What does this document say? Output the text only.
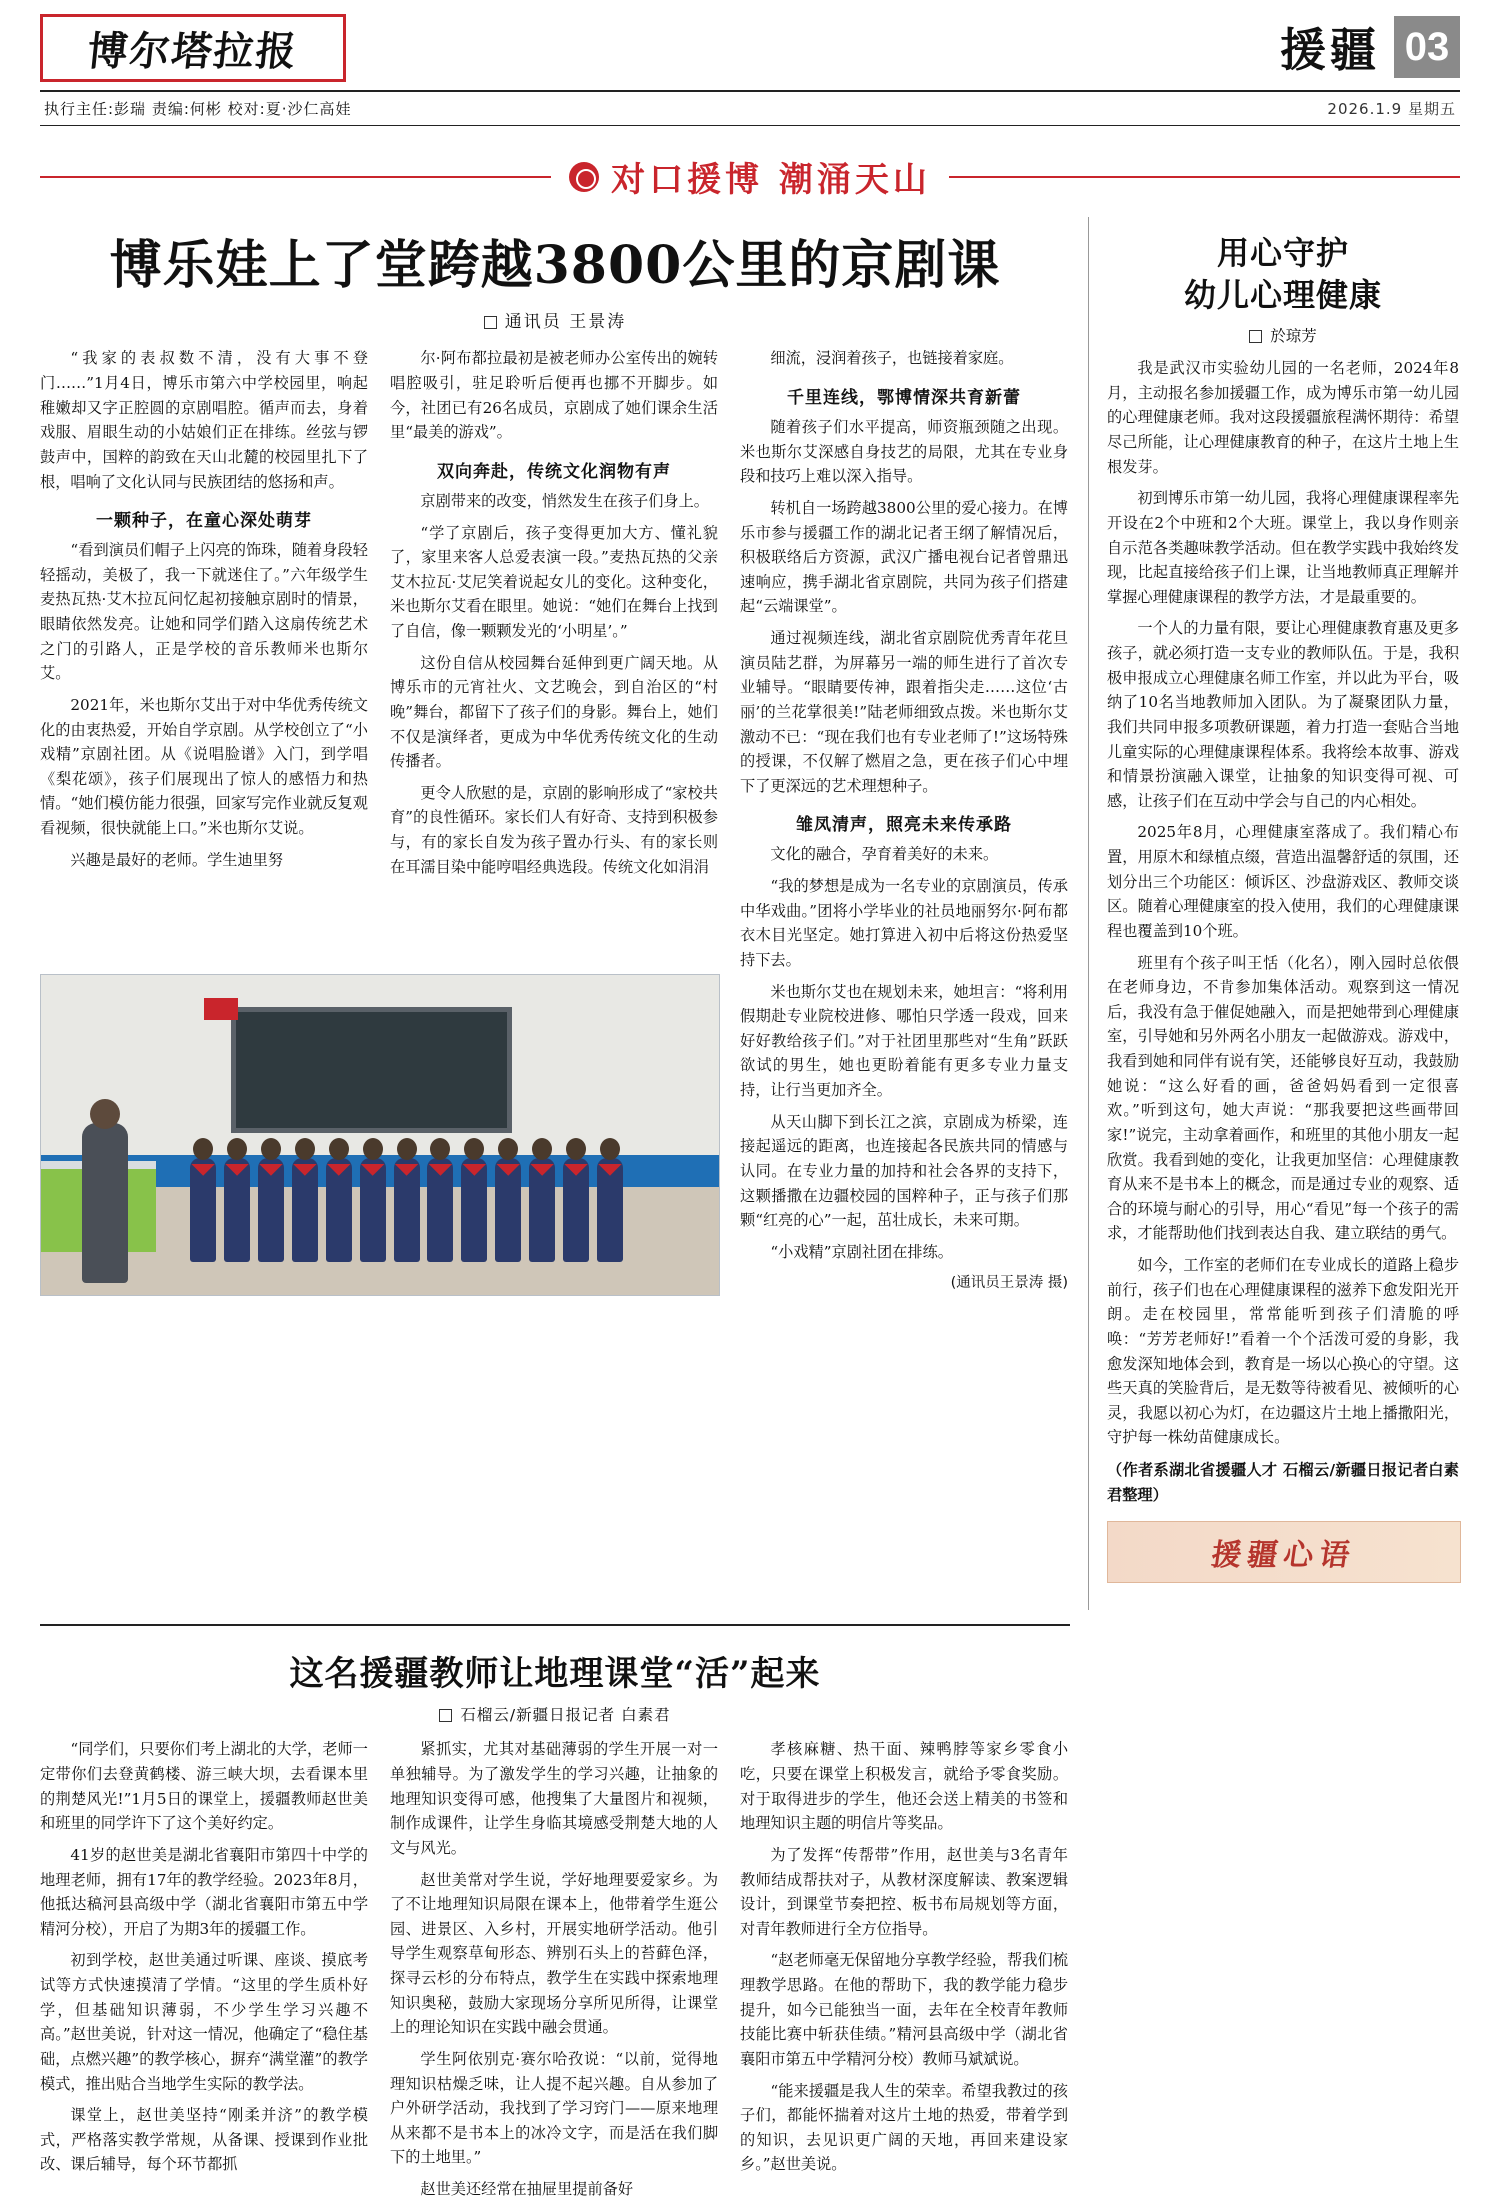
博尔塔拉报	援疆 03
执行主任:彭瑞 责编:何彬 校对:夏·沙仁高娃	2026.1.9 星期五
对口援博 潮涌天山
博乐娃上了堂跨越3800公里的京剧课
通讯员 王景涛

“我家的表叔数不清，没有大事不登门……”1月4日，博乐市第六中学校园里，响起稚嫩却又字正腔圆的京剧唱腔。循声而去，身着戏服、眉眼生动的小姑娘们正在排练。丝弦与锣鼓声中，国粹的韵致在天山北麓的校园里扎下了根，唱响了文化认同与民族团结的悠扬和声。

一颗种子，在童心深处萌芽

“看到演员们帽子上闪亮的饰珠，随着身段轻轻摇动，美极了，我一下就迷住了。”六年级学生麦热瓦热·艾木拉瓦问忆起初接触京剧时的情景，眼睛依然发亮。让她和同学们踏入这扇传统艺术之门的引路人，正是学校的音乐教师米也斯尔艾。

2021年，米也斯尔艾出于对中华优秀传统文化的由衷热爱，开始自学京剧。从学校创立了“小戏精”京剧社团。从《说唱脸谱》入门，到学唱《梨花颂》，孩子们展现出了惊人的感悟力和热情。“她们模仿能力很强，回家写完作业就反复观看视频，很快就能上口。”米也斯尔艾说。

兴趣是最好的老师。学生迪里努

尔·阿布都拉最初是被老师办公室传出的婉转唱腔吸引，驻足聆听后便再也挪不开脚步。如今，社团已有26名成员，京剧成了她们课余生活里“最美的游戏”。

双向奔赴，传统文化润物有声

京剧带来的改变，悄然发生在孩子们身上。

“学了京剧后，孩子变得更加大方、懂礼貌了，家里来客人总爱表演一段。”麦热瓦热的父亲艾木拉瓦·艾尼笑着说起女儿的变化。这种变化，米也斯尔艾看在眼里。她说：“她们在舞台上找到了自信，像一颗颗发光的‘小明星’。”

这份自信从校园舞台延伸到更广阔天地。从博乐市的元宵社火、文艺晚会，到自治区的“村晚”舞台，都留下了孩子们的身影。舞台上，她们不仅是演绎者，更成为中华优秀传统文化的生动传播者。

更令人欣慰的是，京剧的影响形成了“家校共育”的良性循环。家长们人有好奇、支持到积极参与，有的家长自发为孩子置办行头、有的家长则在耳濡目染中能哼唱经典选段。传统文化如涓涓

细流，浸润着孩子，也链接着家庭。

千里连线，鄂博情深共育新蕾

随着孩子们水平提高，师资瓶颈随之出现。米也斯尔艾深感自身技艺的局限，尤其在专业身段和技巧上难以深入指导。

转机自一场跨越3800公里的爱心接力。在博乐市参与援疆工作的湖北记者王纲了解情况后，积极联络后方资源，武汉广播电视台记者曾鼎迅速响应，携手湖北省京剧院，共同为孩子们搭建起“云端课堂”。

通过视频连线，湖北省京剧院优秀青年花旦演员陆艺群，为屏幕另一端的师生进行了首次专业辅导。“眼睛要传神，跟着指尖走……这位‘古丽’的兰花掌很美!”陆老师细致点拨。米也斯尔艾激动不已：“现在我们也有专业老师了!”这场特殊的授课，不仅解了燃眉之急，更在孩子们心中埋下了更深远的艺术理想种子。

雏凤清声，照亮未来传承路

文化的融合，孕育着美好的未来。

“我的梦想是成为一名专业的京剧演员，传承中华戏曲。”团将小学毕业的社员地丽努尔·阿布都衣木目光坚定。她打算进入初中后将这份热爱坚持下去。

米也斯尔艾也在规划未来，她坦言：“将利用假期赴专业院校进修、哪怕只学透一段戏，回来好好教给孩子们。”对于社团里那些对“生角”跃跃欲试的男生，她也更盼着能有更多专业力量支持，让行当更加齐全。

从天山脚下到长江之滨，京剧成为桥梁，连接起遥远的距离，也连接起各民族共同的情感与认同。在专业力量的加持和社会各界的支持下，这颗播撒在边疆校园的国粹种子，正与孩子们那颗“红亮的心”一起，茁壮成长，未来可期。

“小戏精”京剧社团在排练。

(通讯员王景涛 摄)
用心守护
幼儿心理健康
於琼芳

我是武汉市实验幼儿园的一名老师，2024年8月，主动报名参加援疆工作，成为博乐市第一幼儿园的心理健康老师。我对这段援疆旅程满怀期待：希望尽己所能，让心理健康教育的种子，在这片土地上生根发芽。

初到博乐市第一幼儿园，我将心理健康课程率先开设在2个中班和2个大班。课堂上，我以身作则亲自示范各类趣味教学活动。但在教学实践中我始终发现，比起直接给孩子们上课，让当地教师真正理解并掌握心理健康课程的教学方法，才是最重要的。

一个人的力量有限，要让心理健康教育惠及更多孩子，就必须打造一支专业的教师队伍。于是，我积极申报成立心理健康名师工作室，并以此为平台，吸纳了10名当地教师加入团队。为了凝聚团队力量，我们共同申报多项教研课题，着力打造一套贴合当地儿童实际的心理健康课程体系。我将绘本故事、游戏和情景扮演融入课堂，让抽象的知识变得可视、可感，让孩子们在互动中学会与自己的内心相处。

2025年8月，心理健康室落成了。我们精心布置，用原木和绿植点缀，营造出温馨舒适的氛围，还划分出三个功能区：倾诉区、沙盘游戏区、教师交谈区。随着心理健康室的投入使用，我们的心理健康课程也覆盖到10个班。

班里有个孩子叫王恬（化名），刚入园时总依偎在老师身边，不肯参加集体活动。观察到这一情况后，我没有急于催促她融入，而是把她带到心理健康室，引导她和另外两名小朋友一起做游戏。游戏中，我看到她和同伴有说有笑，还能够良好互动，我鼓励她说：“这么好看的画，爸爸妈妈看到一定很喜欢。”听到这句，她大声说：“那我要把这些画带回家!”说完，主动拿着画作，和班里的其他小朋友一起欣赏。我看到她的变化，让我更加坚信：心理健康教育从来不是书本上的概念，而是通过专业的观察、适合的环境与耐心的引导，用心“看见”每一个孩子的需求，才能帮助他们找到表达自我、建立联结的勇气。

如今，工作室的老师们在专业成长的道路上稳步前行，孩子们也在心理健康课程的滋养下愈发阳光开朗。走在校园里，常常能听到孩子们清脆的呼唤：“芳芳老师好!”看着一个个活泼可爱的身影，我愈发深知地体会到，教育是一场以心换心的守望。这些天真的笑脸背后，是无数等待被看见、被倾听的心灵，我愿以初心为灯，在边疆这片土地上播撒阳光，守护每一株幼苗健康成长。

（作者系湖北省援疆人才 石榴云/新疆日报记者白素君整理）
援疆心语
这名援疆教师让地理课堂“活”起来
石榴云/新疆日报记者 白素君

“同学们，只要你们考上湖北的大学，老师一定带你们去登黄鹤楼、游三峡大坝，去看课本里的荆楚风光!”1月5日的课堂上，援疆教师赵世美和班里的同学许下了这个美好约定。

41岁的赵世美是湖北省襄阳市第四十中学的地理老师，拥有17年的教学经验。2023年8月，他抵达稿河县高级中学（湖北省襄阳市第五中学精河分校），开启了为期3年的援疆工作。

初到学校，赵世美通过听课、座谈、摸底考试等方式快速摸清了学情。“这里的学生质朴好学，但基础知识薄弱，不少学生学习兴趣不高。”赵世美说，针对这一情况，他确定了“稳住基础，点燃兴趣”的教学核心，摒弃“满堂灌”的教学模式，推出贴合当地学生实际的教学法。

课堂上，赵世美坚持“刚柔并济”的教学模式，严格落实教学常规，从备课、授课到作业批改、课后辅导，每个环节都抓

紧抓实，尤其对基础薄弱的学生开展一对一单独辅导。为了激发学生的学习兴趣，让抽象的地理知识变得可感，他搜集了大量图片和视频，制作成课件，让学生身临其境感受荆楚大地的人文与风光。

赵世美常对学生说，学好地理要爱家乡。为了不让地理知识局限在课本上，他带着学生逛公园、进景区、入乡村，开展实地研学活动。他引导学生观察草甸形态、辨别石头上的苔藓色泽，探寻云杉的分布特点，教学生在实践中探索地理知识奥秘，鼓励大家现场分享所见所得，让课堂上的理论知识在实践中融会贯通。

学生阿依别克·赛尔哈孜说：“以前，觉得地理知识枯燥乏味，让人提不起兴趣。自从参加了户外研学活动，我找到了学习窍门——原来地理从来都不是书本上的冰冷文字，而是活在我们脚下的土地里。”

赵世美还经常在抽屉里提前备好

孝核麻糖、热干面、辣鸭脖等家乡零食小吃，只要在课堂上积极发言，就给予零食奖励。对于取得进步的学生，他还会送上精美的书签和地理知识主题的明信片等奖品。

为了发挥“传帮带”作用，赵世美与3名青年教师结成帮扶对子，从教材深度解读、教案逻辑设计，到课堂节奏把控、板书布局规划等方面，对青年教师进行全方位指导。

“赵老师毫无保留地分享教学经验，帮我们梳理教学思路。在他的帮助下，我的教学能力稳步提升，如今已能独当一面，去年在全校青年教师技能比赛中斩获佳绩。”精河县高级中学（湖北省襄阳市第五中学精河分校）教师马斌斌说。

“能来援疆是我人生的荣幸。希望我教过的孩子们，都能怀揣着对这片土地的热爱，带着学到的知识，去见识更广阔的天地，再回来建设家乡。”赵世美说。
